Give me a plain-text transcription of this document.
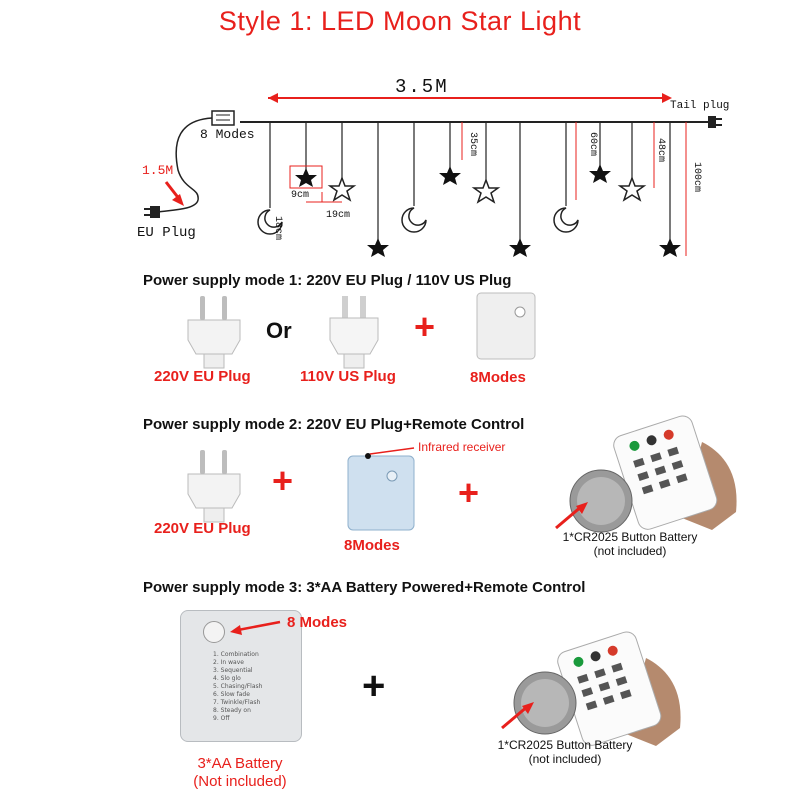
Style 1: LED Moon Star Light
3.5M
Tail plug
8 Modes
1.5M
EU Plug
9cm
18cm
19cm
35cm	60cm	48cm
100cm
Power supply mode 1: 220V EU Plug / 110V US Plug
Or	+
220V EU Plug	110V US Plug	8Modes
Power supply mode 2: 220V EU Plug+Remote Control
+
Infrared receiver
+
220V EU Plug
8Modes	1*CR2025 Button Battery
(not included)
Power supply mode 3: 3*AA Battery Powered+Remote Control
1. Combination
2. In wave
3. Sequential
4. Slo glo
5. Chasing/Flash
6. Slow fade
7. Twinkle/Flash
8. Steady on
9. Off
8 Modes
+
3*AA Battery
(Not included)
1*CR2025 Button Battery
(not included)
